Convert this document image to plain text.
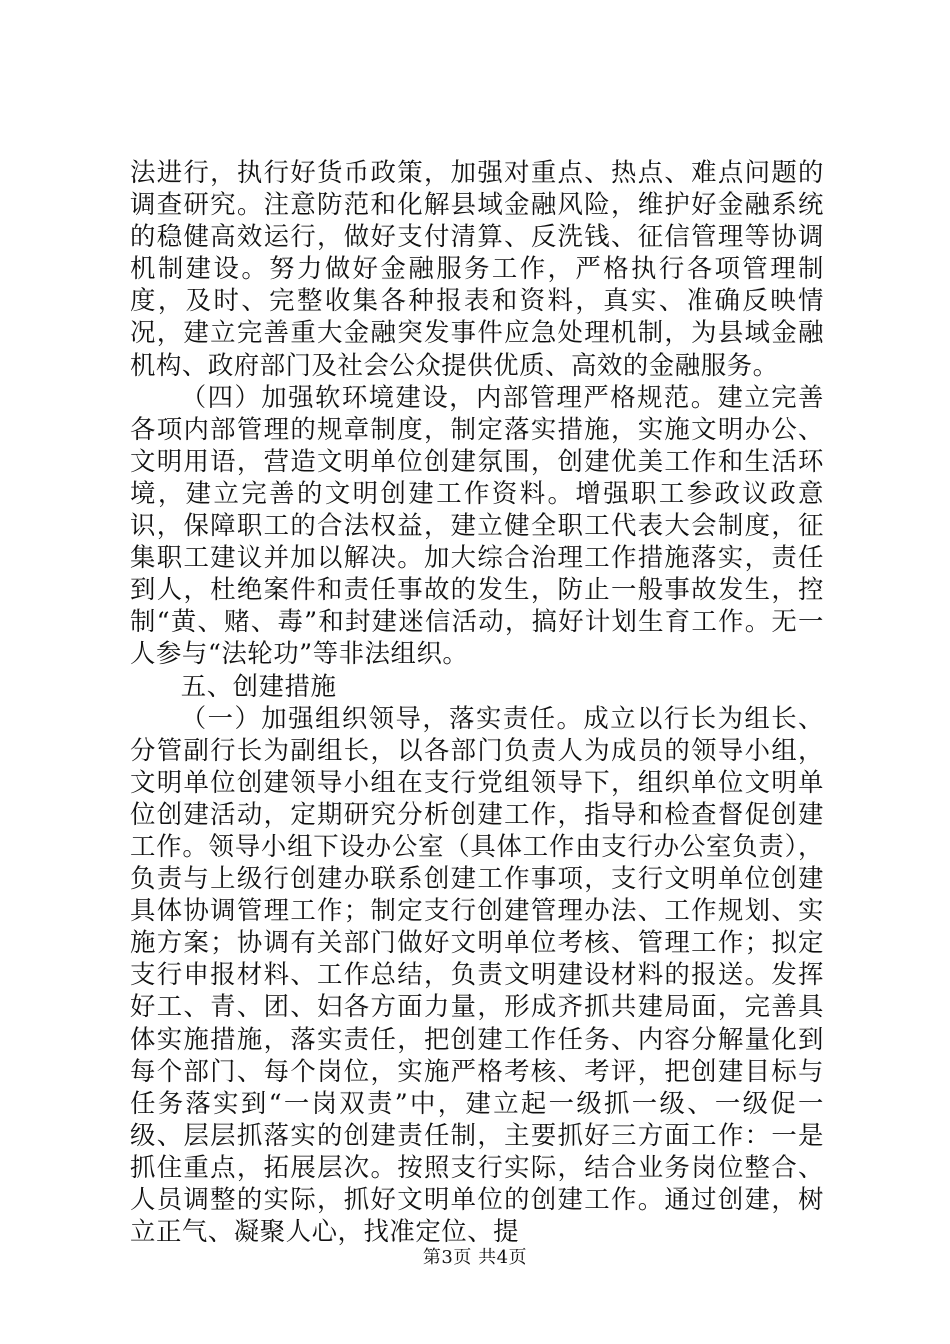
法进行，执行好货币政策，加强对重点、热点、难点问题的调查研究。注意防范和化解县域金融风险，维护好金融系统的稳健高效运行，做好支付清算、反洗钱、征信管理等协调机制建设。努力做好金融服务工作，严格执行各项管理制度，及时、完整收集各种报表和资料，真实、准确反映情况，建立完善重大金融突发事件应急处理机制，为县域金融机构、政府部门及社会公众提供优质、高效的金融服务。

（四）加强软环境建设，内部管理严格规范。建立完善各项内部管理的规章制度，制定落实措施，实施文明办公、文明用语，营造文明单位创建氛围，创建优美工作和生活环境，建立完善的文明创建工作资料。增强职工参政议政意识，保障职工的合法权益，建立健全职工代表大会制度，征集职工建议并加以解决。加大综合治理工作措施落实，责任到人，杜绝案件和责任事故的发生，防止一般事故发生，控制“黄、赌、毒”和封建迷信活动，搞好计划生育工作。无一人参与“法轮功”等非法组织。

五、创建措施

（一）加强组织领导，落实责任。成立以行长为组长、分管副行长为副组长，以各部门负责人为成员的领导小组，文明单位创建领导小组在支行党组领导下，组织单位文明单位创建活动，定期研究分析创建工作，指导和检查督促创建工作。领导小组下设办公室（具体工作由支行办公室负责），负责与上级行创建办联系创建工作事项，支行文明单位创建具体协调管理工作；制定支行创建管理办法、工作规划、实施方案；协调有关部门做好文明单位考核、管理工作；拟定支行申报材料、工作总结，负责文明建设材料的报送。发挥好工、青、团、妇各方面力量，形成齐抓共建局面，完善具体实施措施，落实责任，把创建工作任务、内容分解量化到每个部门、每个岗位，实施严格考核、考评，把创建目标与任务落实到“一岗双责”中，建立起一级抓一级、一级促一级、层层抓落实的创建责任制，主要抓好三方面工作：一是抓住重点，拓展层次。按照支行实际，结合业务岗位整合、人员调整的实际，抓好文明单位的创建工作。通过创建，树立正气、凝聚人心，找准定位、提

第3页 共4页
